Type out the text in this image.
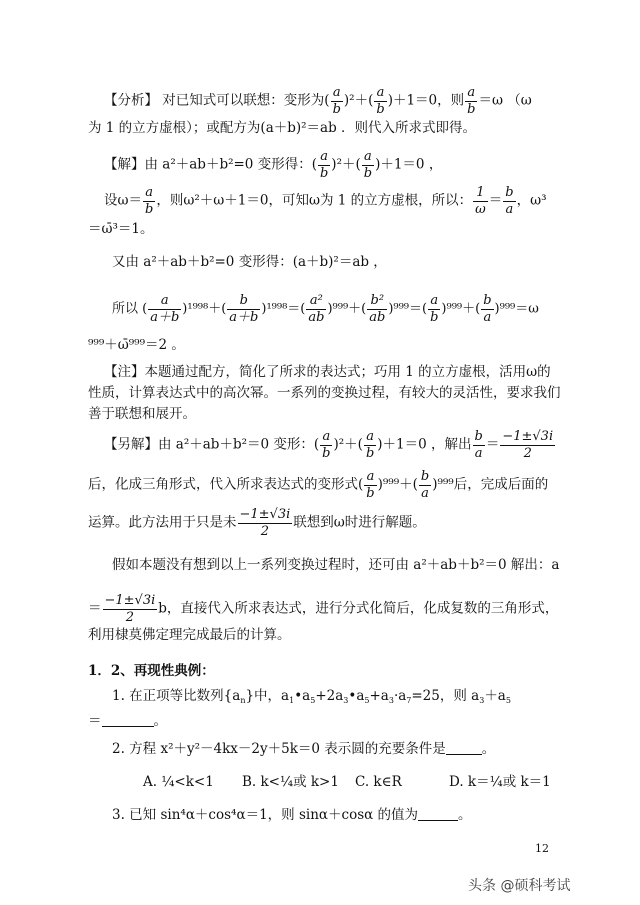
【分析】 对已知式可以联想：变形为( $\frac{a}{b} )^2+( \frac{a}{b} )+1=0$，则 $\frac{a}{b} =\omega$ （ω
为 1 的立方虚根）；或配方为(a＋b)²＝ab ．则代入所求式即得。
【解】由 a²＋ab＋b²=0 变形得：( $\frac{a}{b} )^2+( \frac{a}{b} )+1=0$ ，
设$\omega= \frac{a}{b}$ ，则ω²＋ω＋1＝0，可知ω为 1 的立方虚根，所以： $\frac{1}{\omega} = \frac{b}{a}$ ，ω³
＝ω̄³＝1。
又由 a²＋ab＋b²=0 变形得：(a＋b)²＝ab ，
所以 ( $\frac{a}{a+b} )^{1998}+( \frac{b}{a+b} )^{1998}=( \frac{\text{a²}}{ab} )^{999}+( \frac{\text{b²}}{ab} )^{999}=( \frac{a}{b} )^{999}+( \frac{b}{a} )^{999}=\omega$
⁹⁹⁹＋ω̄⁹⁹⁹＝2 。
【注】本题通过配方，简化了所求的表达式；巧用 1 的立方虚根，活用ω的
性质，计算表达式中的高次幂。一系列的变换过程，有较大的灵活性，要求我们
善于联想和展开。
【另解】由 a²＋ab＋b²＝0 变形：( $\frac{a}{b} )^2+( \frac{a}{b} )+1=0$ ，解出 $\frac{b}{a} = \frac{-1\pm√3i}{2}$
后，化成三角形式，代入所求表达式的变形式( $\frac{a}{b} )^{999}+( \frac{b}{a} )^{999}$后，完成后面的
运算。此方法用于只是未 $\frac{-1\pm√3i}{2}$ 联想到ω时进行解题。
假如本题没有想到以上一系列变换过程时，还可由 a²＋ab＋b²＝0 解出：a
＝ $\frac{-1\pm√3i}{2}$ b，直接代入所求表达式，进行分式化简后，化成复数的三角形式，
利用棣莫佛定理完成最后的计算。
1．2、再现性典例：
1. 在正项等比数列$\{a_n\}$中，$a_1•a_5+2a_3•a_5+a_3\cdot a_7=25$，则 $a_3+a_5$
＝	。
2. 方程 x²＋y²－4kx－2y＋5k＝0 表示圆的充要条件是	。
A. ¼<k<1 B. k<¼或 k>1 C. k∈R	D. k＝¼或 k＝1
3. 已知 sin⁴α＋cos⁴α＝1，则 sinα＋cosα 的值为	。
12
头条 @硕科考试
